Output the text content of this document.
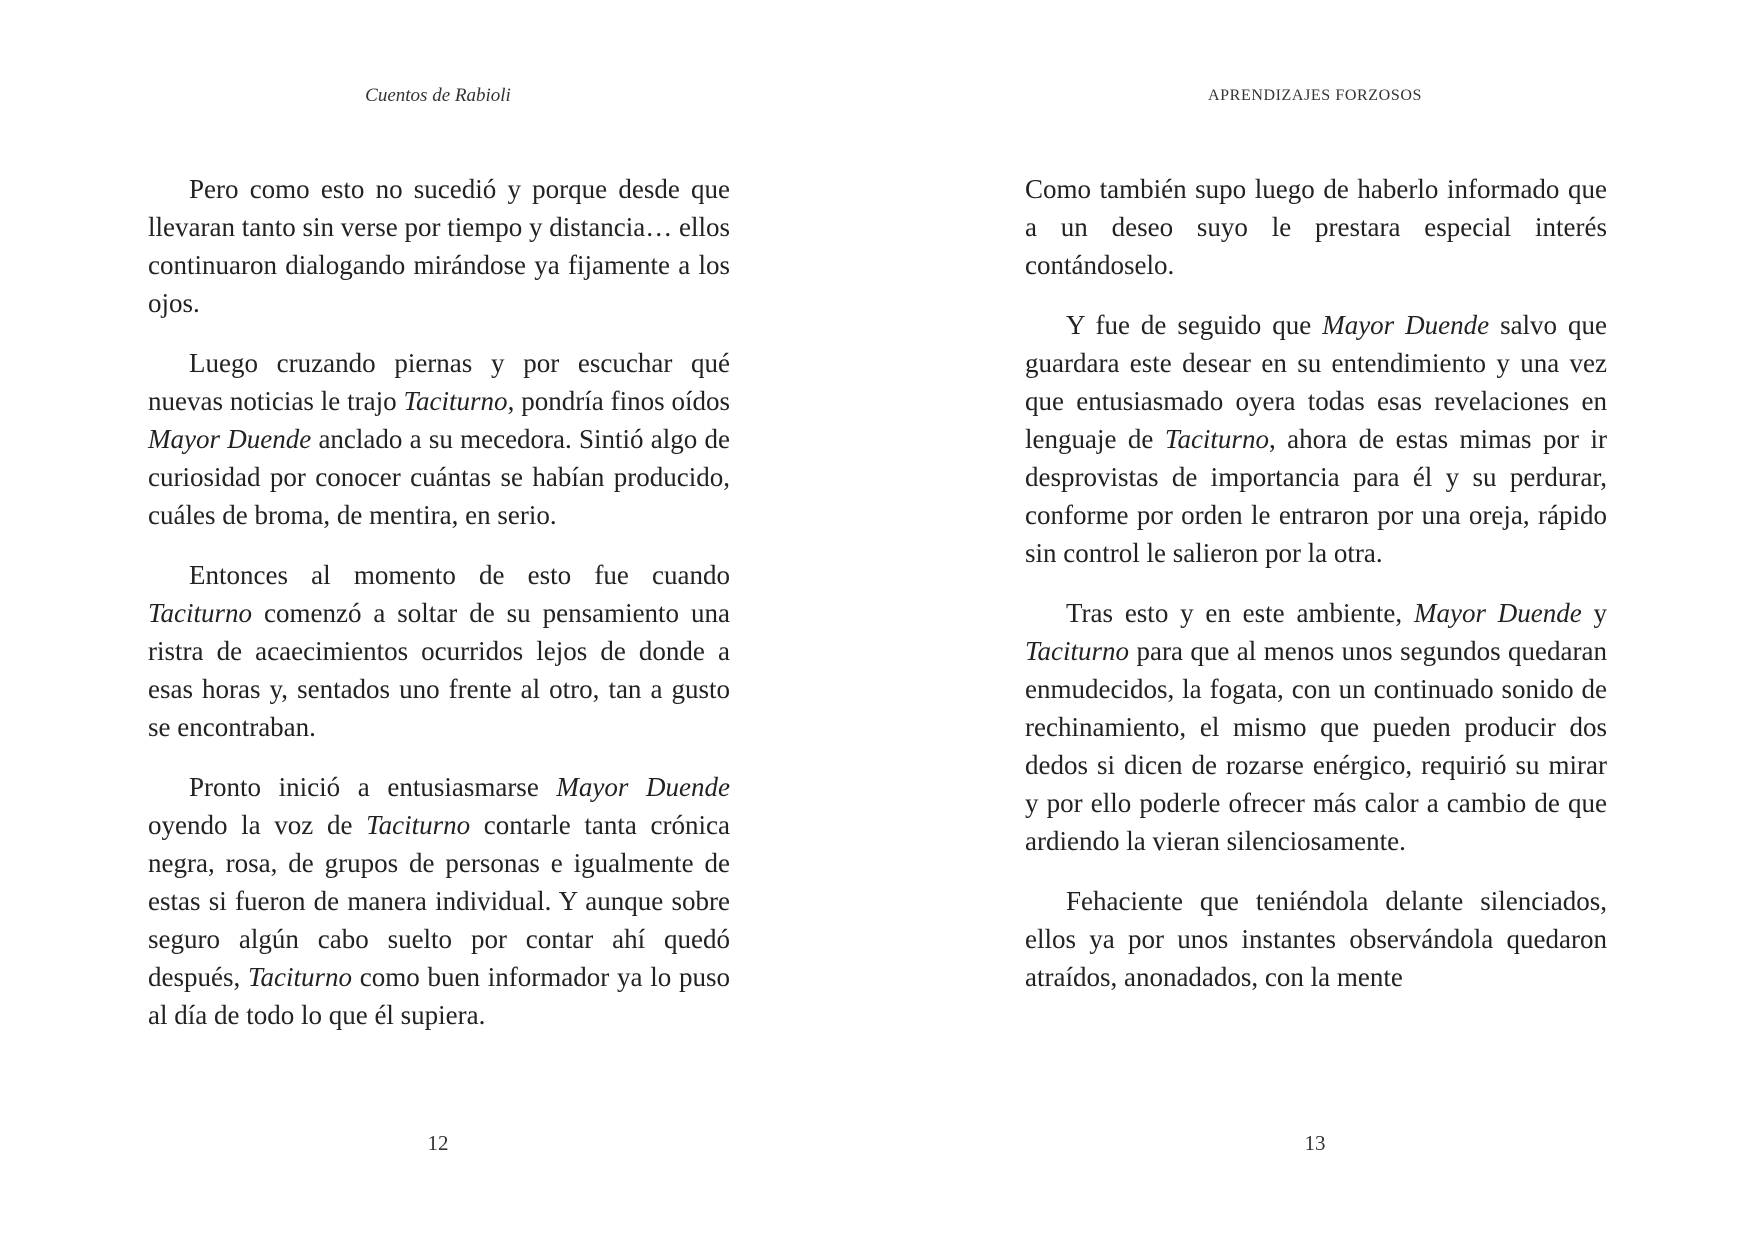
Cuentos de Rabioli

Pero como esto no sucedió y porque desde que llevaran tanto sin verse por tiempo y distancia… ellos continuaron dialogando mirándose ya fijamente a los ojos.

Luego cruzando piernas y por escuchar qué nuevas noticias le trajo Taciturno, pondría finos oídos Mayor Duende anclado a su mecedora. Sintió algo de curiosidad por conocer cuántas se habían producido, cuáles de broma, de mentira, en serio.

Entonces al momento de esto fue cuando Taciturno comenzó a soltar de su pensamiento una ristra de acaecimientos ocurridos lejos de donde a esas horas y, sentados uno frente al otro, tan a gusto se encontraban.

Pronto inició a entusiasmarse Mayor Duende oyendo la voz de Taciturno contarle tanta crónica negra, rosa, de grupos de personas e igualmente de estas si fueron de manera individual. Y aunque sobre seguro algún cabo suelto por contar ahí quedó después, Taciturno como buen informador ya lo puso al día de todo lo que él supiera.

12
APRENDIZAJES FORZOSOS

Como también supo luego de haberlo informado que a un deseo suyo le prestara especial interés contándoselo.

Y fue de seguido que Mayor Duende salvo que guardara este desear en su entendimiento y una vez que entusiasmado oyera todas esas revelaciones en lenguaje de Taciturno, ahora de estas mimas por ir desprovistas de importancia para él y su perdurar, conforme por orden le entraron por una oreja, rápido sin control le salieron por la otra.

Tras esto y en este ambiente, Mayor Duende y Taciturno para que al menos unos segundos quedaran enmudecidos, la fogata, con un continuado sonido de rechinamiento, el mismo que pueden producir dos dedos si dicen de rozarse enérgico, requirió su mirar y por ello poderle ofrecer más calor a cambio de que ardiendo la vieran silenciosamente.

Fehaciente que teniéndola delante silenciados, ellos ya por unos instantes observándola quedaron atraídos, anonadados, con la mente

13
